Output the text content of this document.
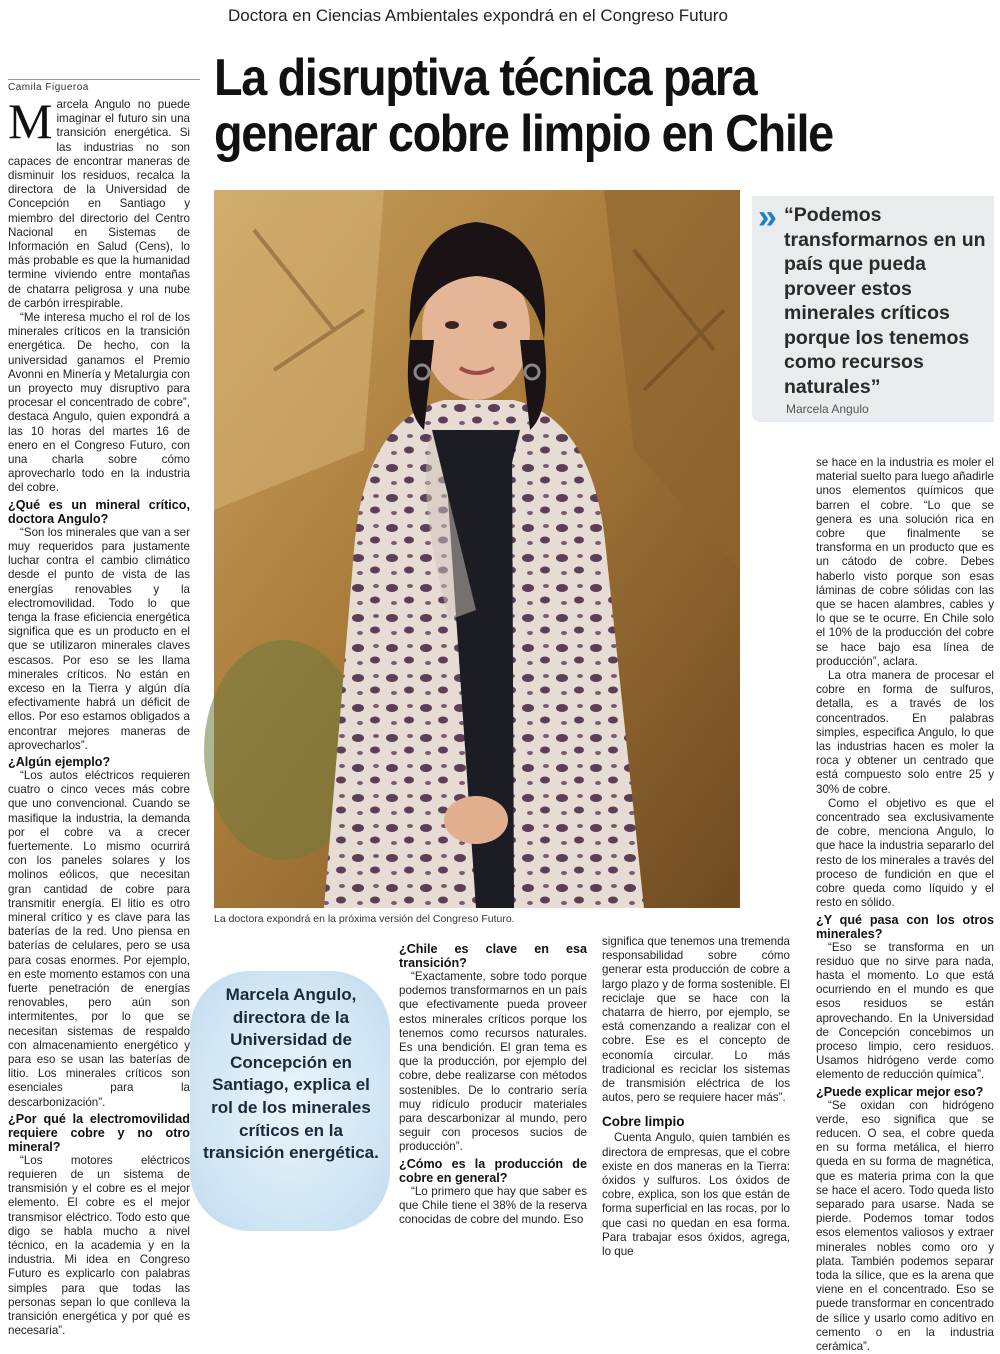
Doctora en Ciencias Ambientales expondrá en el Congreso Futuro
Camila Figueroa	La disruptiva técnica para generar cobre limpio en Chile

Marcela Angulo no puede imaginar el futuro sin una transición energética. Si las industrias no son capaces de encontrar maneras de disminuir los residuos, recalca la directora de la Universidad de Concepción en Santiago y miembro del directorio del Centro Nacional en Sistemas de Información en Salud (Cens), lo más probable es que la humanidad termine viviendo entre montañas de chatarra peligrosa y una nube de carbón irrespirable.

“Me interesa mucho el rol de los minerales críticos en la transición energética. De hecho, con la universidad ganamos el Premio Avonni en Minería y Metalurgia con un proyecto muy disruptivo para procesar el concentrado de cobre”, destaca Angulo, quien expondrá a las 10 horas del martes 16 de enero en el Congreso Futuro, con una charla sobre cómo aprovecharlo todo en la industria del cobre.

¿Qué es un mineral crítico, doctora Angulo?

“Son los minerales que van a ser muy requeridos para justamente luchar contra el cambio climático desde el punto de vista de las energías renovables y la electromovilidad. Todo lo que tenga la frase eficiencia energética significa que es un producto en el que se utilizaron minerales claves escasos. Por eso se les llama minerales críticos. No están en exceso en la Tierra y algún día efectivamente habrá un déficit de ellos. Por eso estamos obligados a encontrar mejores maneras de aprovecharlos”.

¿Algún ejemplo?

“Los autos eléctricos requieren cuatro o cinco veces más cobre que uno convencional. Cuando se masifique la industria, la demanda por el cobre va a crecer fuertemente. Lo mismo ocurrirá con los paneles solares y los molinos eólicos, que necesitan gran cantidad de cobre para transmitir energía. El litio es otro mineral crítico y es clave para las baterías de la red. Uno piensa en baterías de celulares, pero se usa para cosas enormes. Por ejemplo, en este momento estamos con una fuerte penetración de energías renovables, pero aún son intermitentes, por lo que se necesitan sistemas de respaldo con almacenamiento energético y para eso se usan las baterías de litio. Los minerales críticos son esenciales para la descarbonización”.

¿Por qué la electromovilidad requiere cobre y no otro mineral?

“Los motores eléctricos requieren de un sistema de transmisión y el cobre es el mejor elemento. El cobre es el mejor transmisor eléctrico. Todo esto que digo se habla mucho a nivel técnico, en la academia y en la industria. Mi idea en Congreso Futuro es explicarlo con palabras simples para que todas las personas sepan lo que conlleva la transición energética y por qué es necesaria”.

La doctora expondrá en la próxima versión del Congreso Futuro.
» “Podemos transformarnos en un país que pueda proveer estos minerales críticos porque los tenemos como recursos naturales”
Marcela Angulo
Marcela Angulo, directora de la Universidad de Concepción en Santiago, explica el rol de los minerales críticos en la transición energética.
¿Chile es clave en esa transición?

“Exactamente, sobre todo porque podemos transformarnos en un país que efectivamente pueda proveer estos minerales críticos porque los tenemos como recursos naturales. Es una bendición. El gran tema es que la producción, por ejemplo del cobre, debe realizarse con métodos sostenibles. De lo contrario sería muy ridículo producir materiales para descarbonizar al mundo, pero seguir con procesos sucios de producción”.

¿Cómo es la producción de cobre en general?

“Lo primero que hay que saber es que Chile tiene el 38% de la reserva conocidas de cobre del mundo. Eso

significa que tenemos una tremenda responsabilidad sobre cómo generar esta producción de cobre a largo plazo y de forma sostenible. El reciclaje que se hace con la chatarra de hierro, por ejemplo, se está comenzando a realizar con el cobre. Ese es el concepto de economía circular. Lo más tradicional es reciclar los sistemas de transmisión eléctrica de los autos, pero se requiere hacer más”.

Cobre limpio

Cuenta Angulo, quien también es directora de empresas, que el cobre existe en dos maneras en la Tierra: óxidos y sulfuros. Los óxidos de cobre, explica, son los que están de forma superficial en las rocas, por lo que casi no quedan en esa forma. Para trabajar esos óxidos, agrega, lo que

se hace en la industria es moler el material suelto para luego añadirle unos elementos químicos que barren el cobre. “Lo que se genera es una solución rica en cobre que finalmente se transforma en un producto que es un cátodo de cobre. Debes haberlo visto porque son esas láminas de cobre sólidas con las que se hacen alambres, cables y lo que se te ocurre. En Chile solo el 10% de la producción del cobre se hace bajo esa línea de producción”, aclara.

La otra manera de procesar el cobre en forma de sulfuros, detalla, es a través de los concentrados. En palabras simples, especifica Angulo, lo que las industrias hacen es moler la roca y obtener un centrado que está compuesto solo entre 25 y 30% de cobre.

Como el objetivo es que el concentrado sea exclusivamente de cobre, menciona Angulo, lo que hace la industria separarlo del resto de los minerales a través del proceso de fundición en que el cobre queda como líquido y el resto en sólido.

¿Y qué pasa con los otros minerales?

“Eso se transforma en un residuo que no sirve para nada, hasta el momento. Lo que está ocurriendo en el mundo es que esos residuos se están aprovechando. En la Universidad de Concepción concebimos un proceso limpio, cero residuos. Usamos hidrógeno verde como elemento de reducción química”.

¿Puede explicar mejor eso?

“Se oxidan con hidrógeno verde, eso significa que se reducen. O sea, el cobre queda en su forma metálica, el hierro queda en su forma de magnética, que es materia prima con la que se hace el acero. Todo queda listo separado para usarse. Nada se pierde. Podemos tomar todos esos elementos valiosos y extraer minerales nobles como oro y plata. También podemos separar toda la sílice, que es la arena que viene en el concentrado. Eso se puede transformar en concentrado de sílice y usarlo como aditivo en cemento o en la industria cerámica”.
